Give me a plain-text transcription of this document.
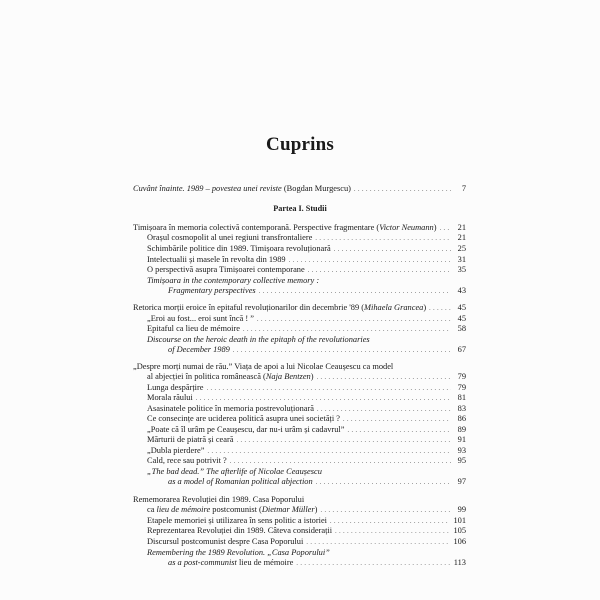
Cuprins
Cuvânt înainte. 1989 – povestea unei reviste (Bogdan Murgescu) . . .	7
Partea I. Studii
Timișoara în memoria colectivă contemporană. Perspective fragmentare (Victor Neumann) . . .	21
Orașul cosmopolit al unei regiuni transfrontaliere . . .	21
Schimbările politice din 1989. Timișoara revoluționară . . .	25
Intelectualii și masele în revolta din 1989 . . .	31
O perspectivă asupra Timișoarei contemporane . . .	35
Timișoara in the contemporary collective memory :
Fragmentary perspectives . . .	43
Retorica morții eroice în epitaful revoluționarilor din decembrie '89 (Mihaela Grancea) . . .	45
„Eroi au fost... eroi sunt încă ! ” . . .	45
Epitaful ca lieu de mémoire . . .	58
Discourse on the heroic death in the epitaph of the revolutionaries
of December 1989 . . .	67
„Despre morți numai de rău.” Viața de apoi a lui Nicolae Ceaușescu ca model
al abjecției în politica românească (Naja Bentzen) . . .	79
Lunga despărțire . . .	79
Morala răului . . .	81
Asasinatele politice în memoria postrevoluționară . . .	83
Ce consecințe are uciderea politică asupra unei societăți ? . . .	86
„Poate că îl urâm pe Ceaușescu, dar nu-i urâm și cadavrul” . . .	89
Mărturii de piatră și ceară . . .	91
„Dubla pierdere” . . .	93
Cald, rece sau potrivit ? . . .	95
„The bad dead.” The afterlife of Nicolae Ceaușescu
as a model of Romanian political abjection . . .	97
Rememorarea Revoluției din 1989. Casa Poporului
ca lieu de mémoire postcomunist (Dietmar Müller) . . .	99
Etapele memoriei și utilizarea în sens politic a istoriei . . .	101
Reprezentarea Revoluției din 1989. Câteva considerații . . .	105
Discursul postcomunist despre Casa Poporului . . .	106
Remembering the 1989 Revolution. „Casa Poporului”
as a post-communist lieu de mémoire . . .	113
